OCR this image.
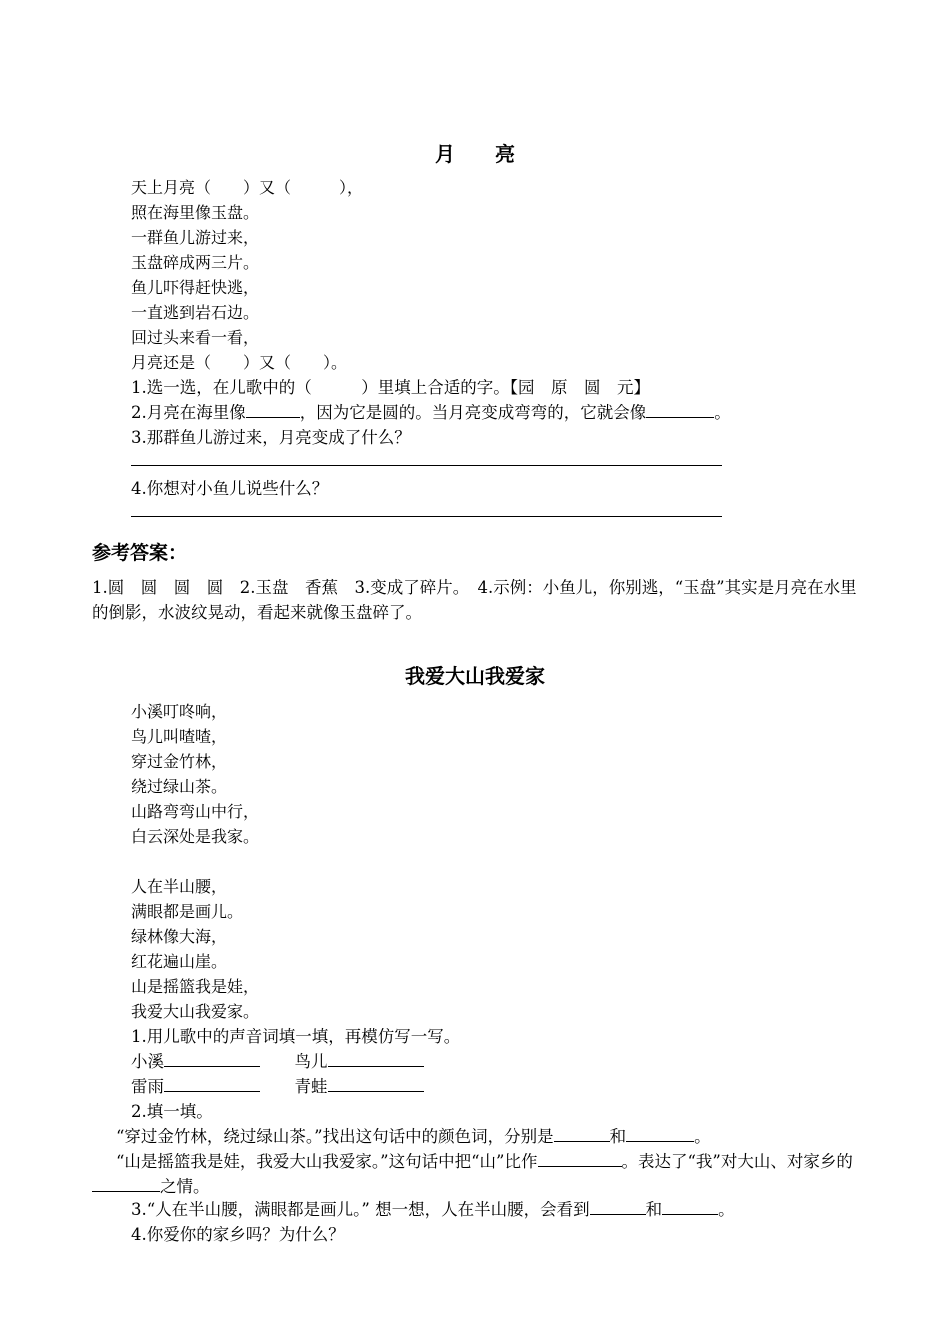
月　　亮
天上月亮（　　）又（　　　），
照在海里像玉盘。
一群鱼儿游过来，
玉盘碎成两三片。
鱼儿吓得赶快逃，
一直逃到岩石边。
回过头来看一看，
月亮还是（　　）又（　　）。
1.选一选，在儿歌中的（　　　）里填上合适的字。【园　原　圆　元】
2.月亮在海里像	，因为它是圆的。当月亮变成弯弯的，它就会像	。
3.那群鱼儿游过来，月亮变成了什么？
4.你想对小鱼儿说些什么？
参考答案：
1.圆　圆　圆　圆　2.玉盘　香蕉　3.变成了碎片。　4.示例：小鱼儿，你别逃，“玉盘”其实是月亮在水里的倒影，水波纹晃动，看起来就像玉盘碎了。
我爱大山我爱家
小溪叮咚响，
鸟儿叫喳喳，
穿过金竹林，
绕过绿山茶。
山路弯弯山中行，
白云深处是我家。
人在半山腰，
满眼都是画儿。
绿林像大海，
红花遍山崖。
山是摇篮我是娃，
我爱大山我爱家。
1.用儿歌中的声音词填一填，再模仿写一写。
小溪	鸟儿
雷雨	青蛙
2.填一填。
“穿过金竹林，绕过绿山茶。”找出这句话中的颜色词，分别是	和	。
“山是摇篮我是娃，我爱大山我爱家。”这句话中把“山”比作	。表达了“我”对大山、对家乡的之情。
3.“人在半山腰，满眼都是画儿。” 想一想，人在半山腰，会看到	和	。
4.你爱你的家乡吗？为什么？
